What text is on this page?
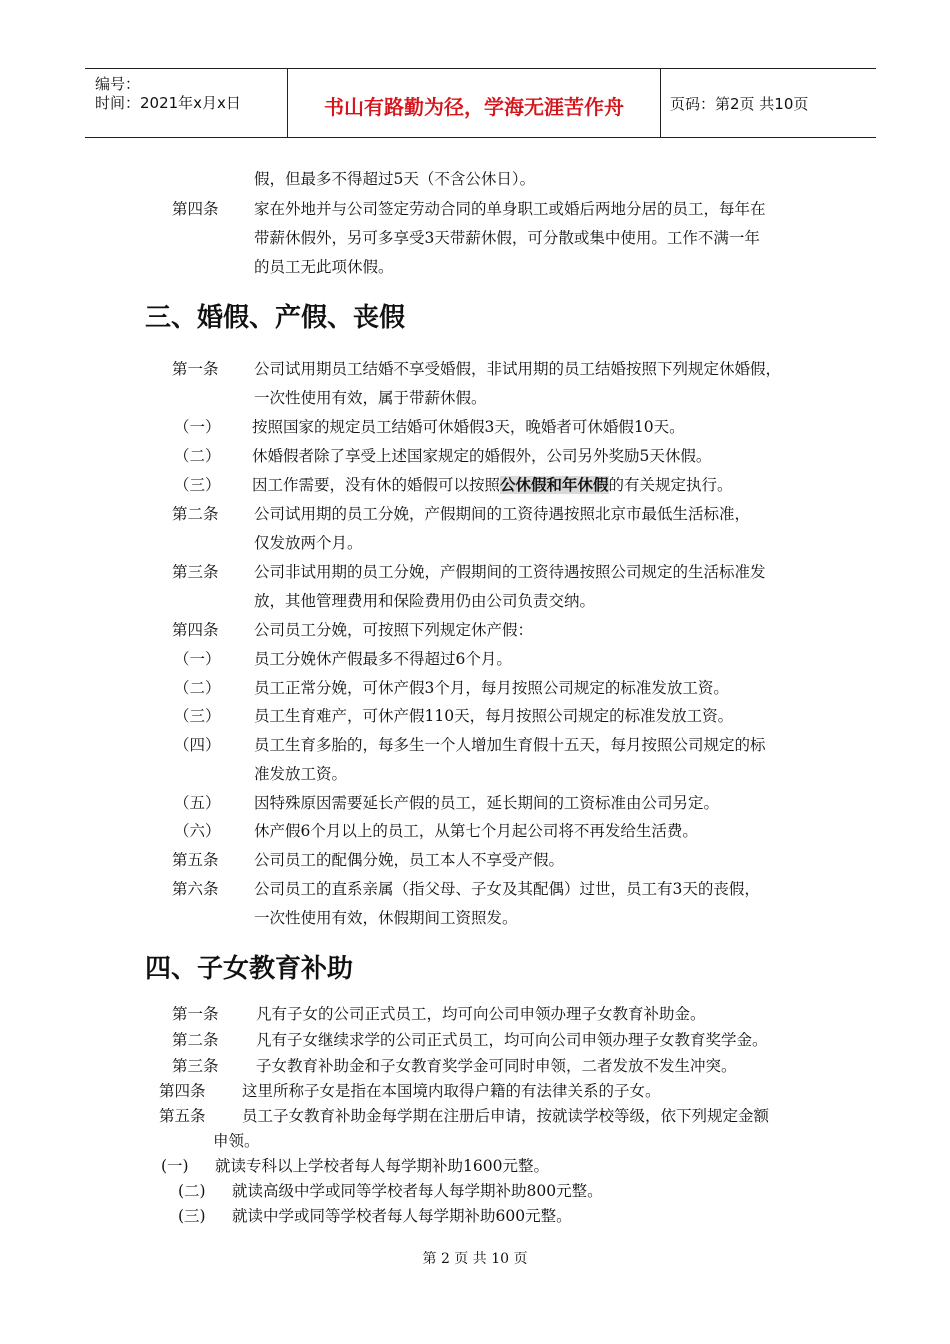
编号：
时间：2021年x月x日	书山有路勤为径，学海无涯苦作舟	页码：第2页 共10页
假，但最多不得超过5天（不含公休日）。
第四条 家在外地并与公司签定劳动合同的单身职工或婚后两地分居的员工，每年在
带薪休假外，另可多享受3天带薪休假，可分散或集中使用。工作不满一年
的员工无此项休假。
三、婚假、产假、丧假
第一条 公司试用期员工结婚不享受婚假，非试用期的员工结婚按照下列规定休婚假，
一次性使用有效，属于带薪休假。
（一） 按照国家的规定员工结婚可休婚假3天，晚婚者可休婚假10天。
（二） 休婚假者除了享受上述国家规定的婚假外，公司另外奖励5天休假。
（三） 因工作需要，没有休的婚假可以按照公休假和年休假的有关规定执行。
第二条 公司试用期的员工分娩，产假期间的工资待遇按照北京市最低生活标准，
仅发放两个月。
第三条 公司非试用期的员工分娩，产假期间的工资待遇按照公司规定的生活标准发
放，其他管理费用和保险费用仍由公司负责交纳。
第四条 公司员工分娩，可按照下列规定休产假：
（一） 员工分娩休产假最多不得超过6个月。
（二） 员工正常分娩，可休产假3个月，每月按照公司规定的标准发放工资。
（三） 员工生育难产，可休产假110天，每月按照公司规定的标准发放工资。
（四） 员工生育多胎的，每多生一个人增加生育假十五天，每月按照公司规定的标
准发放工资。
（五） 因特殊原因需要延长产假的员工，延长期间的工资标准由公司另定。
（六） 休产假6个月以上的员工，从第七个月起公司将不再发给生活费。
第五条 公司员工的配偶分娩，员工本人不享受产假。
第六条 公司员工的直系亲属（指父母、子女及其配偶）过世，员工有3天的丧假，
一次性使用有效，休假期间工资照发。
四、子女教育补助
第一条 凡有子女的公司正式员工，均可向公司申领办理子女教育补助金。
第二条 凡有子女继续求学的公司正式员工，均可向公司申领办理子女教育奖学金。
第三条 子女教育补助金和子女教育奖学金可同时申领，二者发放不发生冲突。
第四条 这里所称子女是指在本国境内取得户籍的有法律关系的子女。
第五条 员工子女教育补助金每学期在注册后申请，按就读学校等级，依下列规定金额
申领。
(一) 就读专科以上学校者每人每学期补助1600元整。
(二) 就读高级中学或同等学校者每人每学期补助800元整。
(三) 就读中学或同等学校者每人每学期补助600元整。
第 2 页 共 10 页
